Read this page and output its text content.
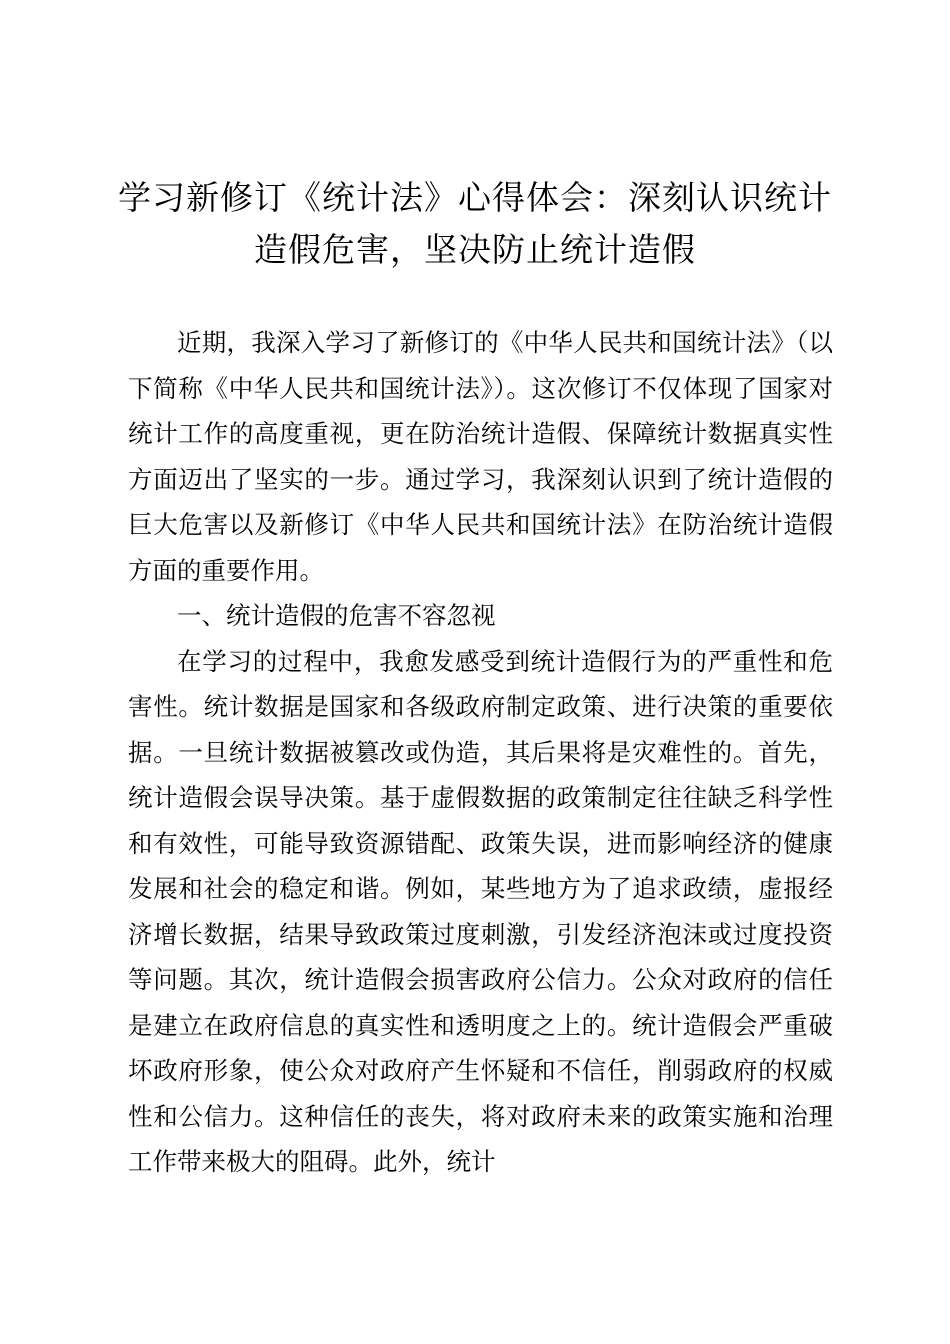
学习新修订《统计法》心得体会：深刻认识统计造假危害，坚决防止统计造假

近期，我深入学习了新修订的《中华人民共和国统计法》（以下简称《中华人民共和国统计法》）。这次修订不仅体现了国家对统计工作的高度重视，更在防治统计造假、保障统计数据真实性方面迈出了坚实的一步。通过学习，我深刻认识到了统计造假的巨大危害以及新修订《中华人民共和国统计法》在防治统计造假方面的重要作用。

一、统计造假的危害不容忽视

在学习的过程中，我愈发感受到统计造假行为的严重性和危害性。统计数据是国家和各级政府制定政策、进行决策的重要依据。一旦统计数据被篡改或伪造，其后果将是灾难性的。首先，统计造假会误导决策。基于虚假数据的政策制定往往缺乏科学性和有效性，可能导致资源错配、政策失误，进而影响经济的健康发展和社会的稳定和谐。例如，某些地方为了追求政绩，虚报经济增长数据，结果导致政策过度刺激，引发经济泡沫或过度投资等问题。其次，统计造假会损害政府公信力。公众对政府的信任是建立在政府信息的真实性和透明度之上的。统计造假会严重破坏政府形象，使公众对政府产生怀疑和不信任，削弱政府的权威性和公信力。这种信任的丧失，将对政府未来的政策实施和治理工作带来极大的阻碍。此外，统计
